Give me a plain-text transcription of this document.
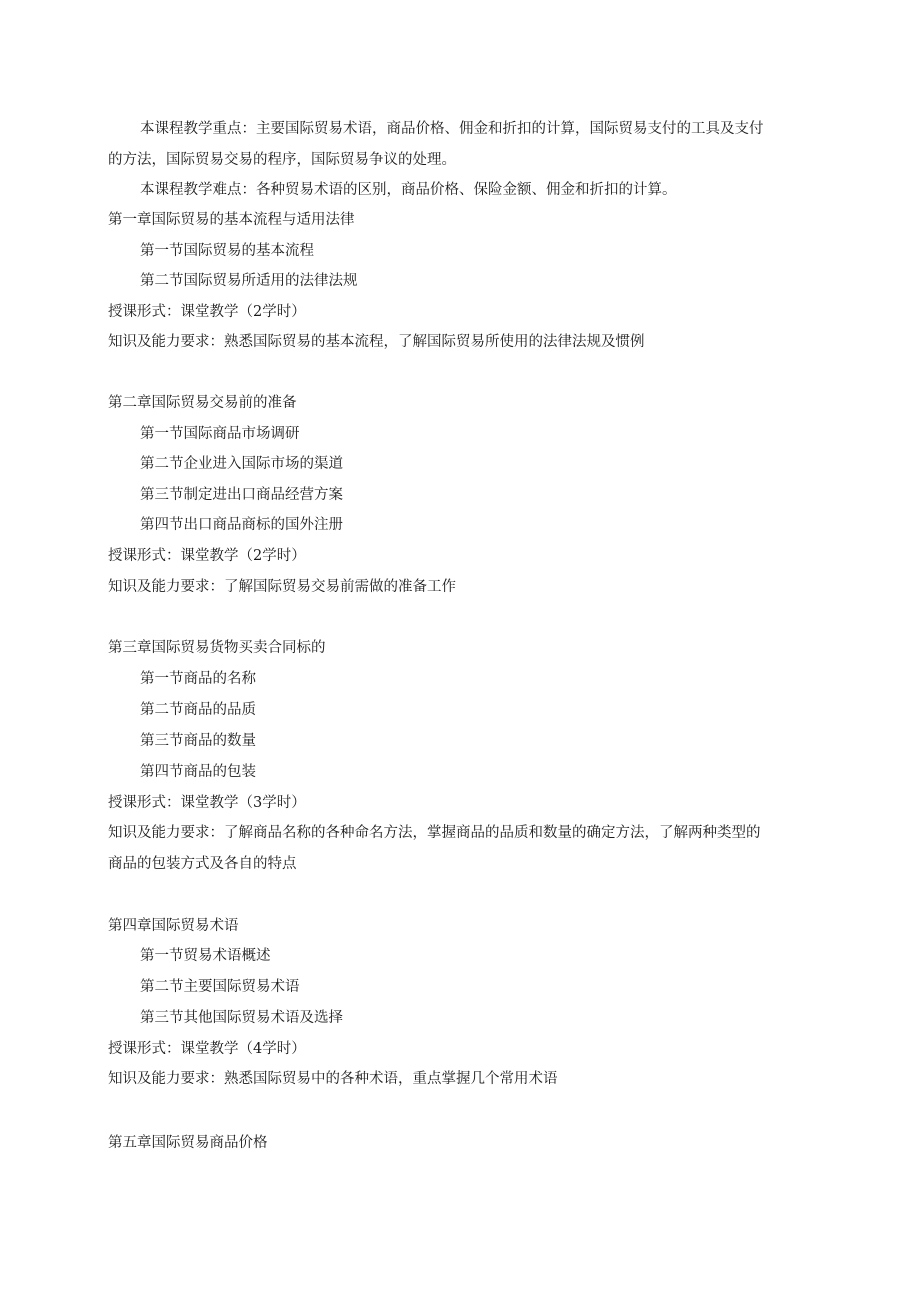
本课程教学重点：主要国际贸易术语，商品价格、佣金和折扣的计算，国际贸易支付的工具及支付
的方法，国际贸易交易的程序，国际贸易争议的处理。
本课程教学难点：各种贸易术语的区别，商品价格、保险金额、佣金和折扣的计算。
第一章国际贸易的基本流程与适用法律
第一节国际贸易的基本流程
第二节国际贸易所适用的法律法规
授课形式：课堂教学（2学时）
知识及能力要求：熟悉国际贸易的基本流程，了解国际贸易所使用的法律法规及惯例
第二章国际贸易交易前的准备
第一节国际商品市场调研
第二节企业进入国际市场的渠道
第三节制定进出口商品经营方案
第四节出口商品商标的国外注册
授课形式：课堂教学（2学时）
知识及能力要求：了解国际贸易交易前需做的准备工作
第三章国际贸易货物买卖合同标的
第一节商品的名称
第二节商品的品质
第三节商品的数量
第四节商品的包装
授课形式：课堂教学（3学时）
知识及能力要求：了解商品名称的各种命名方法，掌握商品的品质和数量的确定方法，了解两种类型的
商品的包装方式及各自的特点
第四章国际贸易术语
第一节贸易术语概述
第二节主要国际贸易术语
第三节其他国际贸易术语及选择
授课形式：课堂教学（4学时）
知识及能力要求：熟悉国际贸易中的各种术语，重点掌握几个常用术语
第五章国际贸易商品价格
